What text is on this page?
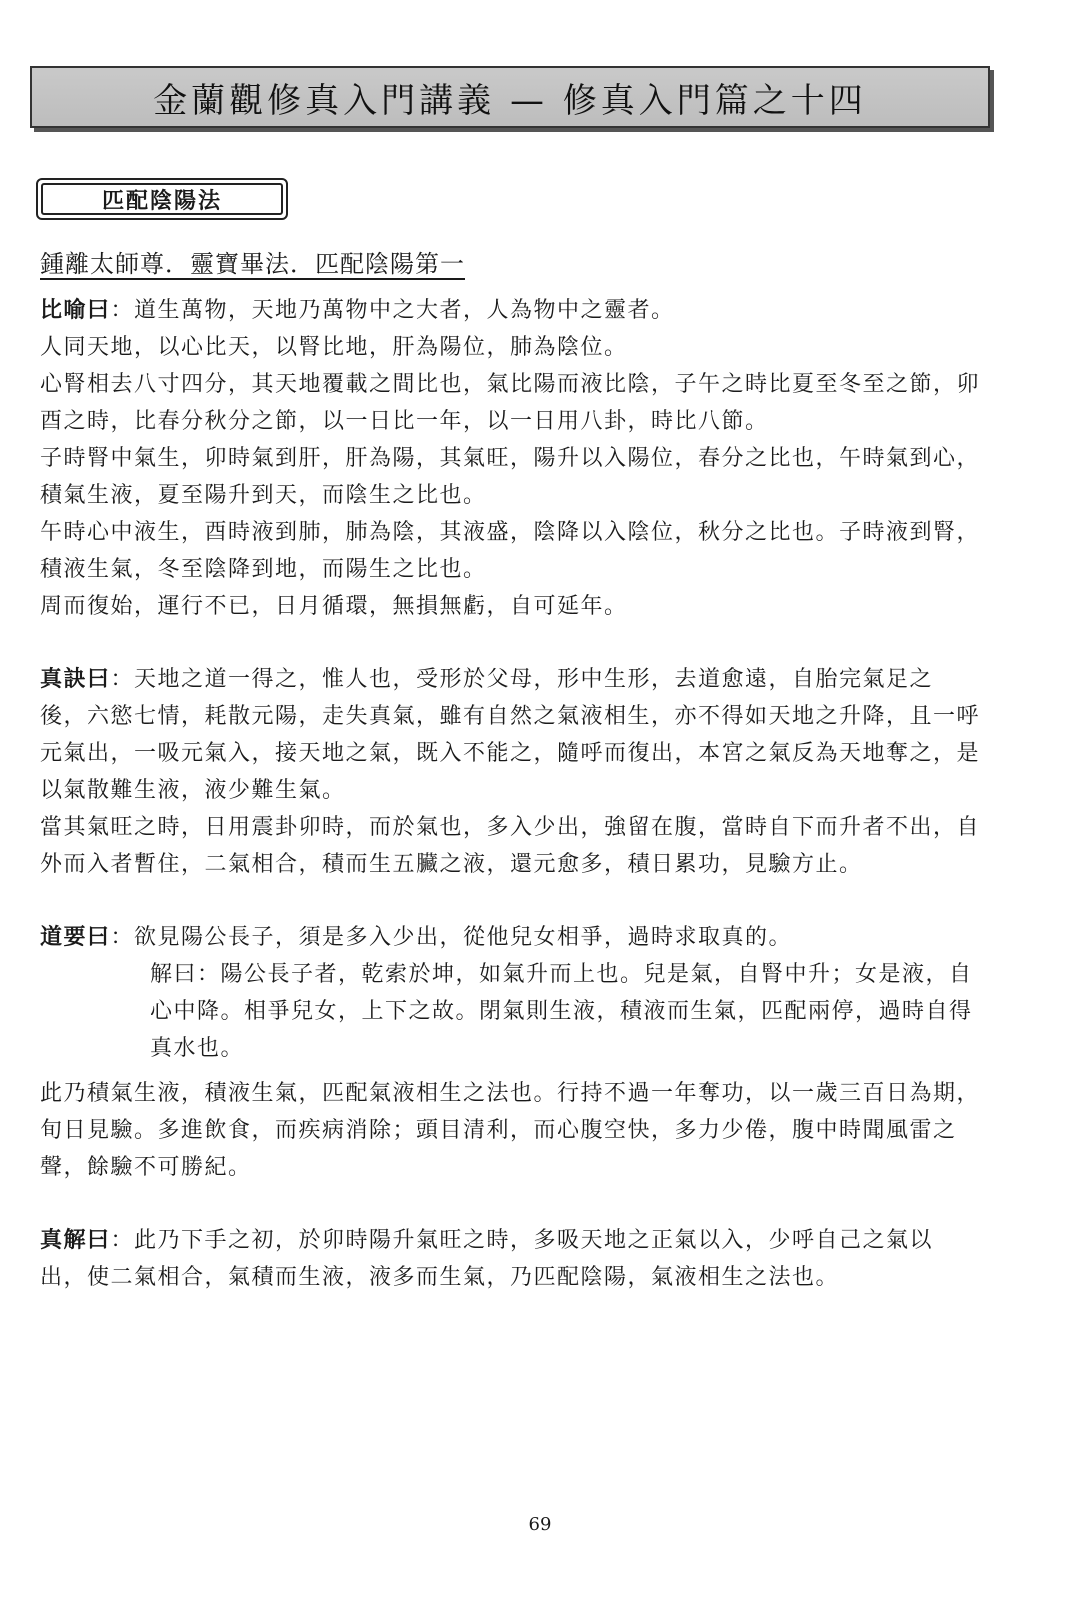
金蘭觀修真入門講義 — 修真入門篇之十四
匹配陰陽法
鍾離太師尊．靈寶畢法．匹配陰陽第一

比喻曰：道生萬物，天地乃萬物中之大者，人為物中之靈者。

人同天地，以心比天，以腎比地，肝為陽位，肺為陰位。

心腎相去八寸四分，其天地覆載之間比也，氣比陽而液比陰，子午之時比夏至冬至之節，卯酉之時，比春分秋分之節，以一日比一年，以一日用八卦，時比八節。

子時腎中氣生，卯時氣到肝，肝為陽，其氣旺，陽升以入陽位，春分之比也，午時氣到心，積氣生液，夏至陽升到天，而陰生之比也。

午時心中液生，酉時液到肺，肺為陰，其液盛，陰降以入陰位，秋分之比也。子時液到腎，積液生氣，冬至陰降到地，而陽生之比也。

周而復始，運行不已，日月循環，無損無虧，自可延年。

真訣曰：天地之道一得之，惟人也，受形於父母，形中生形，去道愈遠，自胎完氣足之後，六慾七情，耗散元陽，走失真氣，雖有自然之氣液相生，亦不得如天地之升降，且一呼元氣出，一吸元氣入，接天地之氣，既入不能之，隨呼而復出，本宮之氣反為天地奪之，是以氣散難生液，液少難生氣。

當其氣旺之時，日用震卦卯時，而於氣也，多入少出，強留在腹，當時自下而升者不出，自外而入者暫住，二氣相合，積而生五臟之液，還元愈多，積日累功，見驗方止。

道要曰：欲見陽公長子，須是多入少出，從他兒女相爭，過時求取真的。

解曰：陽公長子者，乾索於坤，如氣升而上也。兒是氣，自腎中升；女是液，自心中降。相爭兒女，上下之故。閉氣則生液，積液而生氣，匹配兩停，過時自得真水也。

此乃積氣生液，積液生氣，匹配氣液相生之法也。行持不過一年奪功，以一歲三百日為期，旬日見驗。多進飲食，而疾病消除；頭目清利，而心腹空快，多力少倦，腹中時聞風雷之聲，餘驗不可勝紀。

真解曰：此乃下手之初，於卯時陽升氣旺之時，多吸天地之正氣以入，少呼自己之氣以出，使二氣相合，氣積而生液，液多而生氣，乃匹配陰陽，氣液相生之法也。

69
